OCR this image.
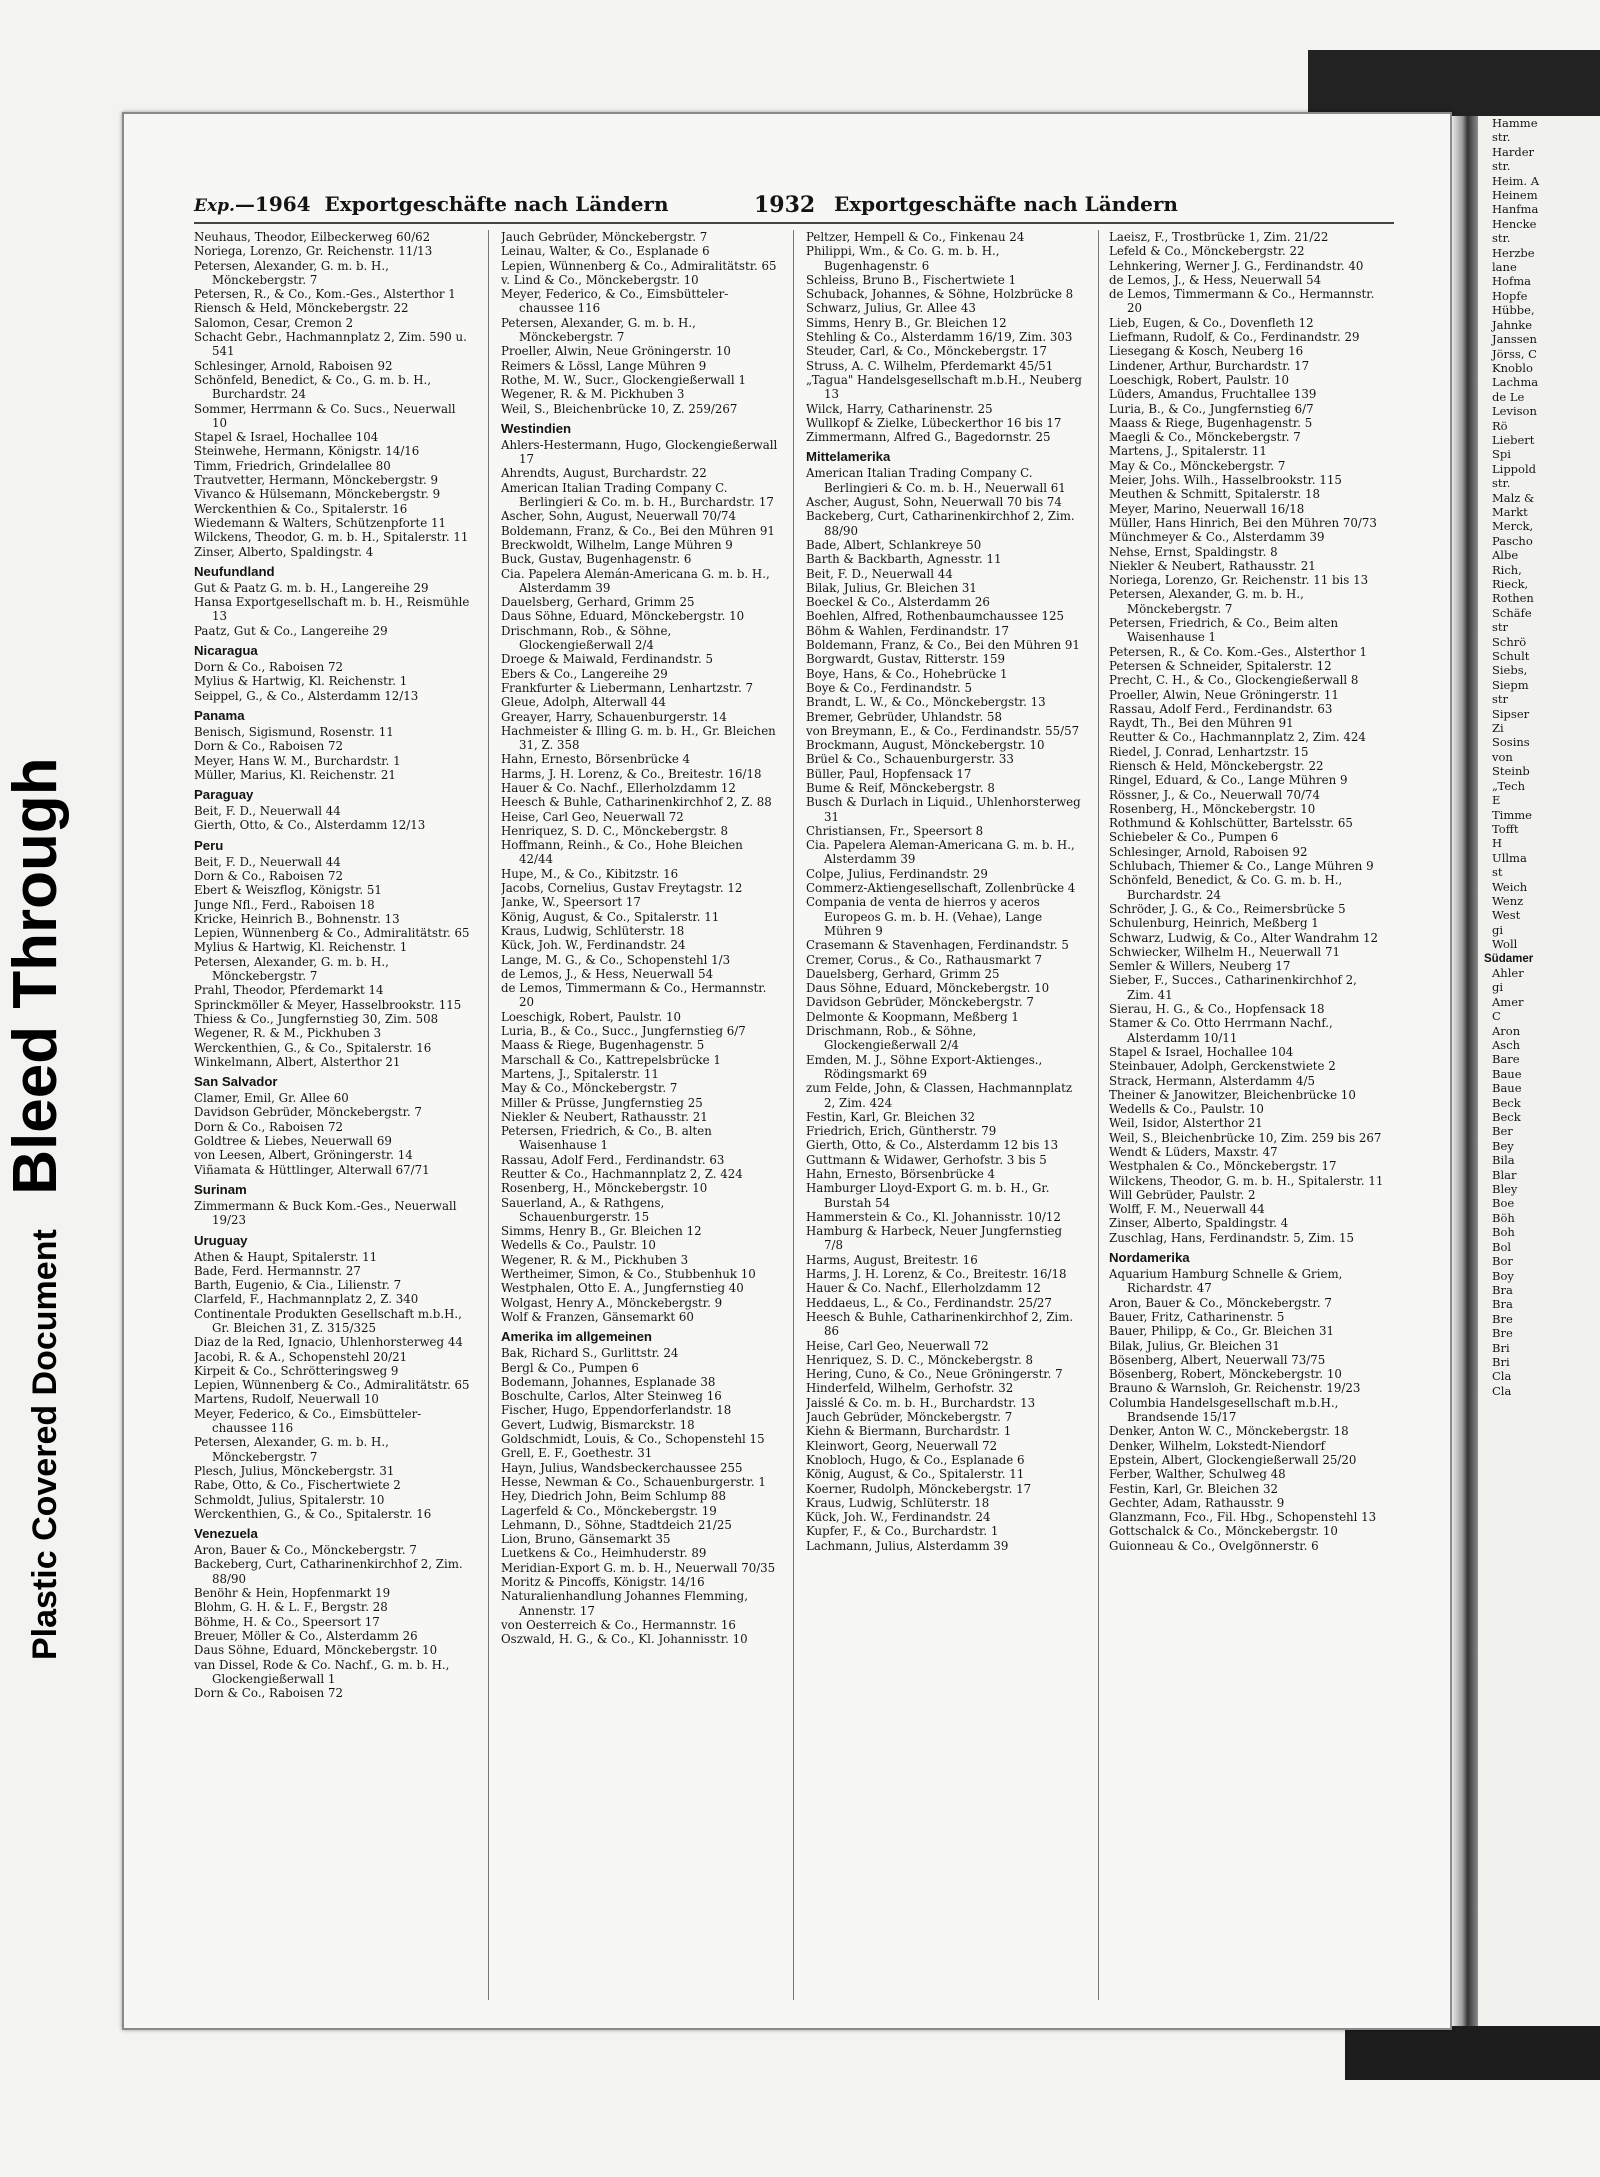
Plastic Covered Document Bleed Through
Exp.—1964 Exportgeschäfte nach Ländern	1932 Exportgeschäfte nach Ländern
Neuhaus, Theodor, Eilbeckerweg 60/62
Noriega, Lorenzo, Gr. Reichenstr. 11/13
Petersen, Alexander, G. m. b. H., Mönckebergstr. 7
Petersen, R., & Co., Kom.-Ges., Alsterthor 1
Riensch & Held, Mönckebergstr. 22
Salomon, Cesar, Cremon 2
Schacht Gebr., Hachmannplatz 2, Zim. 590 u. 541
Schlesinger, Arnold, Raboisen 92
Schönfeld, Benedict, & Co., G. m. b. H., Burchardstr. 24
Sommer, Herrmann & Co. Sucs., Neuerwall 10
Stapel & Israel, Hochallee 104
Steinwehe, Hermann, Königstr. 14/16
Timm, Friedrich, Grindelallee 80
Trautvetter, Hermann, Mönckebergstr. 9
Vivanco & Hülsemann, Mönckebergstr. 9
Werckenthien & Co., Spitalerstr. 16
Wiedemann & Walters, Schützenpforte 11
Wilckens, Theodor, G. m. b. H., Spitalerstr. 11
Zinser, Alberto, Spaldingstr. 4
Neufundland
Gut & Paatz G. m. b. H., Langereihe 29
Hansa Exportgesellschaft m. b. H., Reismühle 13
Paatz, Gut & Co., Langereihe 29
Nicaragua
Dorn & Co., Raboisen 72
Mylius & Hartwig, Kl. Reichenstr. 1
Seippel, G., & Co., Alsterdamm 12/13
Panama
Benisch, Sigismund, Rosenstr. 11
Dorn & Co., Raboisen 72
Meyer, Hans W. M., Burchardstr. 1
Müller, Marius, Kl. Reichenstr. 21
Paraguay
Beit, F. D., Neuerwall 44
Gierth, Otto, & Co., Alsterdamm 12/13
Peru
Beit, F. D., Neuerwall 44
Dorn & Co., Raboisen 72
Ebert & Weiszflog, Königstr. 51
Junge Nfl., Ferd., Raboisen 18
Kricke, Heinrich B., Bohnenstr. 13
Lepien, Wünnenberg & Co., Admiralitätstr. 65
Mylius & Hartwig, Kl. Reichenstr. 1
Petersen, Alexander, G. m. b. H., Mönckebergstr. 7
Prahl, Theodor, Pferdemarkt 14
Sprinckmöller & Meyer, Hasselbrookstr. 115
Thiess & Co., Jungfernstieg 30, Zim. 508
Wegener, R. & M., Pickhuben 3
Werckenthien, G., & Co., Spitalerstr. 16
Winkelmann, Albert, Alsterthor 21
San Salvador
Clamer, Emil, Gr. Allee 60
Davidson Gebrüder, Mönckebergstr. 7
Dorn & Co., Raboisen 72
Goldtree & Liebes, Neuerwall 69
von Leesen, Albert, Gröningerstr. 14
Viñamata & Hüttlinger, Alterwall 67/71
Surinam
Zimmermann & Buck Kom.-Ges., Neuerwall 19/23
Uruguay
Athen & Haupt, Spitalerstr. 11
Bade, Ferd. Hermannstr. 27
Barth, Eugenio, & Cia., Lilienstr. 7
Clarfeld, F., Hachmannplatz 2, Z. 340
Continentale Produkten Gesellschaft m.b.H., Gr. Bleichen 31, Z. 315/325
Diaz de la Red, Ignacio, Uhlenhorsterweg 44
Jacobi, R. & A., Schopenstehl 20/21
Kirpeit & Co., Schrötteringsweg 9
Lepien, Wünnenberg & Co., Admiralitätstr. 65
Martens, Rudolf, Neuerwall 10
Meyer, Federico, & Co., Eimsbütteler-chaussee 116
Petersen, Alexander, G. m. b. H., Mönckebergstr. 7
Plesch, Julius, Mönckebergstr. 31
Rabe, Otto, & Co., Fischertwiete 2
Schmoldt, Julius, Spitalerstr. 10
Werckenthien, G., & Co., Spitalerstr. 16
Venezuela
Aron, Bauer & Co., Mönckebergstr. 7
Backeberg, Curt, Catharinenkirchhof 2, Zim. 88/90
Benöhr & Hein, Hopfenmarkt 19
Blohm, G. H. & L. F., Bergstr. 28
Böhme, H. & Co., Speersort 17
Breuer, Möller & Co., Alsterdamm 26
Daus Söhne, Eduard, Mönckebergstr. 10
van Dissel, Rode & Co. Nachf., G. m. b. H., Glockengießerwall 1
Dorn & Co., Raboisen 72
Jauch Gebrüder, Mönckebergstr. 7
Leinau, Walter, & Co., Esplanade 6
Lepien, Wünnenberg & Co., Admiralitätstr. 65
v. Lind & Co., Mönckebergstr. 10
Meyer, Federico, & Co., Eimsbütteler-chaussee 116
Petersen, Alexander, G. m. b. H., Mönckebergstr. 7
Proeller, Alwin, Neue Gröningerstr. 10
Reimers & Lössl, Lange Mühren 9
Rothe, M. W., Sucr., Glockengießerwall 1
Wegener, R. & M. Pickhuben 3
Weil, S., Bleichenbrücke 10, Z. 259/267
Westindien
Ahlers-Hestermann, Hugo, Glockengießerwall 17
Ahrendts, August, Burchardstr. 22
American Italian Trading Company C. Berlingieri & Co. m. b. H., Burchardstr. 17
Ascher, Sohn, August, Neuerwall 70/74
Boldemann, Franz, & Co., Bei den Mühren 91
Breckwoldt, Wilhelm, Lange Mühren 9
Buck, Gustav, Bugenhagenstr. 6
Cia. Papelera Alemán-Americana G. m. b. H., Alsterdamm 39
Dauelsberg, Gerhard, Grimm 25
Daus Söhne, Eduard, Mönckebergstr. 10
Drischmann, Rob., & Söhne, Glockengießerwall 2/4
Droege & Maiwald, Ferdinandstr. 5
Ebers & Co., Langereihe 29
Frankfurter & Liebermann, Lenhartzstr. 7
Gleue, Adolph, Alterwall 44
Greayer, Harry, Schauenburgerstr. 14
Hachmeister & Illing G. m. b. H., Gr. Bleichen 31, Z. 358
Hahn, Ernesto, Börsenbrücke 4
Harms, J. H. Lorenz, & Co., Breitestr. 16/18
Hauer & Co. Nachf., Ellerholzdamm 12
Heesch & Buhle, Catharinenkirchhof 2, Z. 88
Heise, Carl Geo, Neuerwall 72
Henriquez, S. D. C., Mönckebergstr. 8
Hoffmann, Reinh., & Co., Hohe Bleichen 42/44
Hupe, M., & Co., Kibitzstr. 16
Jacobs, Cornelius, Gustav Freytagstr. 12
Janke, W., Speersort 17
König, August, & Co., Spitalerstr. 11
Kraus, Ludwig, Schlüterstr. 18
Kück, Joh. W., Ferdinandstr. 24
Lange, M. G., & Co., Schopenstehl 1/3
de Lemos, J., & Hess, Neuerwall 54
de Lemos, Timmermann & Co., Hermannstr. 20
Loeschigk, Robert, Paulstr. 10
Luria, B., & Co., Succ., Jungfernstieg 6/7
Maass & Riege, Bugenhagenstr. 5
Marschall & Co., Kattrepelsbrücke 1
Martens, J., Spitalerstr. 11
May & Co., Mönckebergstr. 7
Miller & Prüsse, Jungfernstieg 25
Niekler & Neubert, Rathausstr. 21
Petersen, Friedrich, & Co., B. alten Waisenhause 1
Rassau, Adolf Ferd., Ferdinandstr. 63
Reutter & Co., Hachmannplatz 2, Z. 424
Rosenberg, H., Mönckebergstr. 10
Sauerland, A., & Rathgens, Schauenburgerstr. 15
Simms, Henry B., Gr. Bleichen 12
Wedells & Co., Paulstr. 10
Wegener, R. & M., Pickhuben 3
Wertheimer, Simon, & Co., Stubbenhuk 10
Westphalen, Otto E. A., Jungfernstieg 40
Wolgast, Henry A., Mönckebergstr. 9
Wolf & Franzen, Gänsemarkt 60
Amerika im allgemeinen
Bak, Richard S., Gurlittstr. 24
Bergl & Co., Pumpen 6
Bodemann, Johannes, Esplanade 38
Boschulte, Carlos, Alter Steinweg 16
Fischer, Hugo, Eppendorferlandstr. 18
Gevert, Ludwig, Bismarckstr. 18
Goldschmidt, Louis, & Co., Schopenstehl 15
Grell, E. F., Goethestr. 31
Hayn, Julius, Wandsbeckerchaussee 255
Hesse, Newman & Co., Schauenburgerstr. 1
Hey, Diedrich John, Beim Schlump 88
Lagerfeld & Co., Mönckebergstr. 19
Lehmann, D., Söhne, Stadtdeich 21/25
Lion, Bruno, Gänsemarkt 35
Luetkens & Co., Heimhuderstr. 89
Meridian-Export G. m. b. H., Neuerwall 70/35
Moritz & Pincoffs, Königstr. 14/16
Naturalienhandlung Johannes Flemming, Annenstr. 17
von Oesterreich & Co., Hermannstr. 16
Oszwald, H. G., & Co., Kl. Johannisstr. 10
Peltzer, Hempell & Co., Finkenau 24
Philippi, Wm., & Co. G. m. b. H., Bugenhagenstr. 6
Schleiss, Bruno B., Fischertwiete 1
Schuback, Johannes, & Söhne, Holzbrücke 8
Schwarz, Julius, Gr. Allee 43
Simms, Henry B., Gr. Bleichen 12
Stehling & Co., Alsterdamm 16/19, Zim. 303
Steuder, Carl, & Co., Mönckebergstr. 17
Struss, A. C. Wilhelm, Pferdemarkt 45/51
„Tagua" Handelsgesellschaft m.b.H., Neuberg 13
Wilck, Harry, Catharinenstr. 25
Wullkopf & Zielke, Lübeckerthor 16 bis 17
Zimmermann, Alfred G., Bagedornstr. 25
Mittelamerika
American Italian Trading Company C. Berlingieri & Co. m. b. H., Neuerwall 61
Ascher, August, Sohn, Neuerwall 70 bis 74
Backeberg, Curt, Catharinenkirchhof 2, Zim. 88/90
Bade, Albert, Schlankreye 50
Barth & Backbarth, Agnesstr. 11
Beit, F. D., Neuerwall 44
Bilak, Julius, Gr. Bleichen 31
Boeckel & Co., Alsterdamm 26
Boehlen, Alfred, Rothenbaumchaussee 125
Böhm & Wahlen, Ferdinandstr. 17
Boldemann, Franz, & Co., Bei den Mühren 91
Borgwardt, Gustav, Ritterstr. 159
Boye, Hans, & Co., Hohebrücke 1
Boye & Co., Ferdinandstr. 5
Brandt, L. W., & Co., Mönckebergstr. 13
Bremer, Gebrüder, Uhlandstr. 58
von Breymann, E., & Co., Ferdinandstr. 55/57
Brockmann, August, Mönckebergstr. 10
Brüel & Co., Schauenburgerstr. 33
Büller, Paul, Hopfensack 17
Bume & Reif, Mönckebergstr. 8
Busch & Durlach in Liquid., Uhlenhorsterweg 31
Christiansen, Fr., Speersort 8
Cia. Papelera Aleman-Americana G. m. b. H., Alsterdamm 39
Colpe, Julius, Ferdinandstr. 29
Commerz-Aktiengesellschaft, Zollenbrücke 4
Compania de venta de hierros y aceros Europeos G. m. b. H. (Vehae), Lange Mühren 9
Crasemann & Stavenhagen, Ferdinandstr. 5
Cremer, Corus., & Co., Rathausmarkt 7
Dauelsberg, Gerhard, Grimm 25
Daus Söhne, Eduard, Mönckebergstr. 10
Davidson Gebrüder, Mönckebergstr. 7
Delmonte & Koopmann, Meßberg 1
Drischmann, Rob., & Söhne, Glockengießerwall 2/4
Emden, M. J., Söhne Export-Aktienges., Rödingsmarkt 69
zum Felde, John, & Classen, Hachmannplatz 2, Zim. 424
Festin, Karl, Gr. Bleichen 32
Friedrich, Erich, Güntherstr. 79
Gierth, Otto, & Co., Alsterdamm 12 bis 13
Guttmann & Widawer, Gerhofstr. 3 bis 5
Hahn, Ernesto, Börsenbrücke 4
Hamburger Lloyd-Export G. m. b. H., Gr. Burstah 54
Hammerstein & Co., Kl. Johannisstr. 10/12
Hamburg & Harbeck, Neuer Jungfernstieg 7/8
Harms, August, Breitestr. 16
Harms, J. H. Lorenz, & Co., Breitestr. 16/18
Hauer & Co. Nachf., Ellerholzdamm 12
Heddaeus, L., & Co., Ferdinandstr. 25/27
Heesch & Buhle, Catharinenkirchhof 2, Zim. 86
Heise, Carl Geo, Neuerwall 72
Henriquez, S. D. C., Mönckebergstr. 8
Hering, Cuno, & Co., Neue Gröningerstr. 7
Hinderfeld, Wilhelm, Gerhofstr. 32
Jaisslé & Co. m. b. H., Burchardstr. 13
Jauch Gebrüder, Mönckebergstr. 7
Kiehn & Biermann, Burchardstr. 1
Kleinwort, Georg, Neuerwall 72
Knobloch, Hugo, & Co., Esplanade 6
König, August, & Co., Spitalerstr. 11
Koerner, Rudolph, Mönckebergstr. 17
Kraus, Ludwig, Schlüterstr. 18
Kück, Joh. W., Ferdinandstr. 24
Kupfer, F., & Co., Burchardstr. 1
Lachmann, Julius, Alsterdamm 39
Laeisz, F., Trostbrücke 1, Zim. 21/22
Lefeld & Co., Mönckebergstr. 22
Lehnkering, Werner J. G., Ferdinandstr. 40
de Lemos, J., & Hess, Neuerwall 54
de Lemos, Timmermann & Co., Hermannstr. 20
Lieb, Eugen, & Co., Dovenfleth 12
Liefmann, Rudolf, & Co., Ferdinandstr. 29
Liesegang & Kosch, Neuberg 16
Lindener, Arthur, Burchardstr. 17
Loeschigk, Robert, Paulstr. 10
Lüders, Amandus, Fruchtallee 139
Luria, B., & Co., Jungfernstieg 6/7
Maass & Riege, Bugenhagenstr. 5
Maegli & Co., Mönckebergstr. 7
Martens, J., Spitalerstr. 11
May & Co., Mönckebergstr. 7
Meier, Johs. Wilh., Hasselbrookstr. 115
Meuthen & Schmitt, Spitalerstr. 18
Meyer, Marino, Neuerwall 16/18
Müller, Hans Hinrich, Bei den Mühren 70/73
Münchmeyer & Co., Alsterdamm 39
Nehse, Ernst, Spaldingstr. 8
Niekler & Neubert, Rathausstr. 21
Noriega, Lorenzo, Gr. Reichenstr. 11 bis 13
Petersen, Alexander, G. m. b. H., Mönckebergstr. 7
Petersen, Friedrich, & Co., Beim alten Waisenhause 1
Petersen, R., & Co. Kom.-Ges., Alsterthor 1
Petersen & Schneider, Spitalerstr. 12
Precht, C. H., & Co., Glockengießerwall 8
Proeller, Alwin, Neue Gröningerstr. 11
Rassau, Adolf Ferd., Ferdinandstr. 63
Raydt, Th., Bei den Mühren 91
Reutter & Co., Hachmannplatz 2, Zim. 424
Riedel, J. Conrad, Lenhartzstr. 15
Riensch & Held, Mönckebergstr. 22
Ringel, Eduard, & Co., Lange Mühren 9
Rössner, J., & Co., Neuerwall 70/74
Rosenberg, H., Mönckebergstr. 10
Rothmund & Kohlschütter, Bartelsstr. 65
Schiebeler & Co., Pumpen 6
Schlesinger, Arnold, Raboisen 92
Schlubach, Thiemer & Co., Lange Mühren 9
Schönfeld, Benedict, & Co. G. m. b. H., Burchardstr. 24
Schröder, J. G., & Co., Reimersbrücke 5
Schulenburg, Heinrich, Meßberg 1
Schwarz, Ludwig, & Co., Alter Wandrahm 12
Schwiecker, Wilhelm H., Neuerwall 71
Semler & Willers, Neuberg 17
Sieber, F., Succes., Catharinenkirchhof 2, Zim. 41
Sierau, H. G., & Co., Hopfensack 18
Stamer & Co. Otto Herrmann Nachf., Alsterdamm 10/11
Stapel & Israel, Hochallee 104
Steinbauer, Adolph, Gerckenstwiete 2
Strack, Hermann, Alsterdamm 4/5
Theiner & Janowitzer, Bleichenbrücke 10
Wedells & Co., Paulstr. 10
Weil, Isidor, Alsterthor 21
Weil, S., Bleichenbrücke 10, Zim. 259 bis 267
Wendt & Lüders, Maxstr. 47
Westphalen & Co., Mönckebergstr. 17
Wilckens, Theodor, G. m. b. H., Spitalerstr. 11
Will Gebrüder, Paulstr. 2
Wolff, F. M., Neuerwall 44
Zinser, Alberto, Spaldingstr. 4
Zuschlag, Hans, Ferdinandstr. 5, Zim. 15
Nordamerika
Aquarium Hamburg Schnelle & Griem, Richardstr. 47
Aron, Bauer & Co., Mönckebergstr. 7
Bauer, Fritz, Catharinenstr. 5
Bauer, Philipp, & Co., Gr. Bleichen 31
Bilak, Julius, Gr. Bleichen 31
Bösenberg, Albert, Neuerwall 73/75
Bösenberg, Robert, Mönckebergstr. 10
Brauno & Warnsloh, Gr. Reichenstr. 19/23
Columbia Handelsgesellschaft m.b.H., Brandsende 15/17
Denker, Anton W. C., Mönckebergstr. 18
Denker, Wilhelm, Lokstedt-Niendorf
Epstein, Albert, Glockengießerwall 25/20
Ferber, Walther, Schulweg 48
Festin, Karl, Gr. Bleichen 32
Gechter, Adam, Rathausstr. 9
Glanzmann, Fco., Fil. Hbg., Schopenstehl 13
Gottschalck & Co., Mönckebergstr. 10
Guionneau & Co., Ovelgönnerstr. 6
Hamme
str.
Harder
str.
Heim. A
Heinem
Hanfma
Hencke
str.
Herzbe
lane
Hofma
Hopfe
Hübbe,
Jahnke
Janssen
Jörss, C
Knoblo
Lachma
de Le
Levison
Rö
Liebert
Spi
Lippold
str.
Malz &
Markt
Merck,
Pascho
Albe
Rich,
Rieck,
Rothen
Schäfe
str
Schrö
Schult
Siebs,
Siepm
str
Sipser
Zi
Sosins
von
Steinb
„Tech
E
Timme
Tofft
H
Ullma
st
Weich
Wenz
West
gi
Woll
Südamer
Ahler
gi
Amer
C
Aron
Asch
Bare
Baue
Baue
Beck
Beck
Ber
Bey
Bila
Blar
Bley
Boe
Böh
Boh
Bol
Bor
Boy
Bra
Bra
Bre
Bre
Bri
Bri
Cla
Cla
